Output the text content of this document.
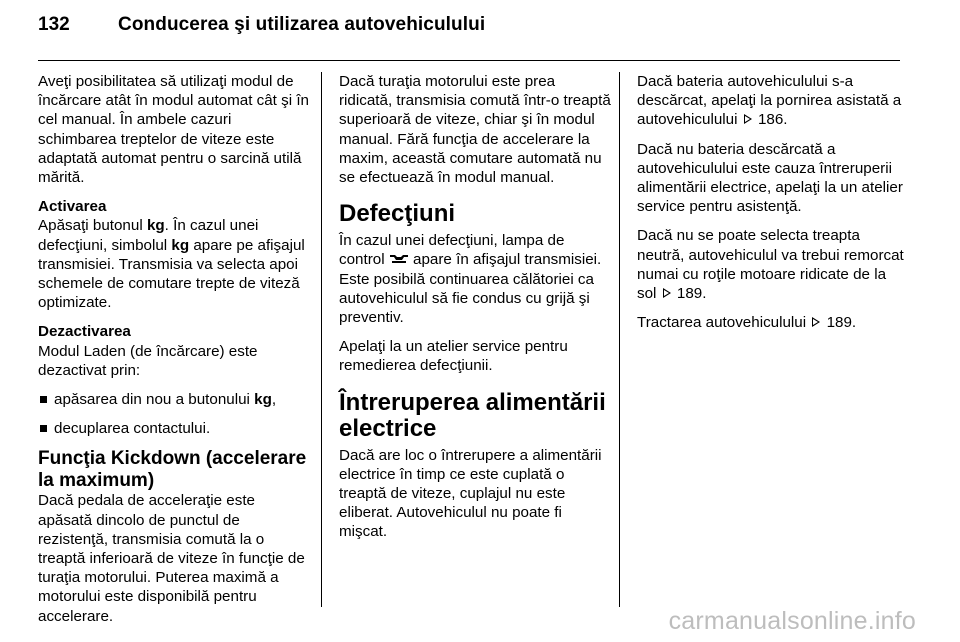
132	Conducerea şi utilizarea autovehiculului

Aveţi posibilitatea să utilizaţi modul de încărcare atât în modul automat cât şi în cel manual. În ambele cazuri schimbarea treptelor de viteze este adaptată automat pentru o sarcină utilă mărită.

Activarea

Apăsaţi butonul kg. În cazul unei defecţiuni, simbolul kg apare pe afişajul transmisiei. Transmisia va selecta apoi schemele de comutare trepte de viteză optimizate.

Dezactivarea

Modul Laden (de încărcare) este dezactivat prin:

apăsarea din nou a butonului kg,
decuplarea contactului.
Funcţia Kickdown (accelerare la maximum)

Dacă pedala de acceleraţie este apăsată dincolo de punctul de rezistenţă, transmisia comută la o treaptă inferioară de viteze în funcţie de turaţia motorului. Puterea maximă a motorului este disponibilă pentru accelerare.

Dacă turaţia motorului este prea ridicată, transmisia comută într-o treaptă superioară de viteze, chiar şi în modul manual. Fără funcţia de accelerare la maxim, această comutare automată nu se efectuează în modul manual.

Defecţiuni

În cazul unei defecţiuni, lampa de control  apare în afişajul transmisiei. Este posibilă continuarea călătoriei ca autovehiculul să fie condus cu grijă şi preventiv.

Apelaţi la un atelier service pentru remedierea defecţiunii.

Întreruperea alimentării electrice

Dacă are loc o întrerupere a alimentării electrice în timp ce este cuplată o treaptă de viteze, cuplajul nu este eliberat. Autovehiculul nu poate fi mişcat.

Dacă bateria autovehiculului s-a descărcat, apelaţi la pornirea asistată a autovehiculului  186.

Dacă nu bateria descărcată a autovehiculului este cauza întreruperii alimentării electrice, apelaţi la un atelier service pentru asistenţă.

Dacă nu se poate selecta treapta neutră, autovehiculul va trebui remorcat numai cu roţile motoare ridicate de la sol  189.

Tractarea autovehiculului  189.

carmanualsonline.info
